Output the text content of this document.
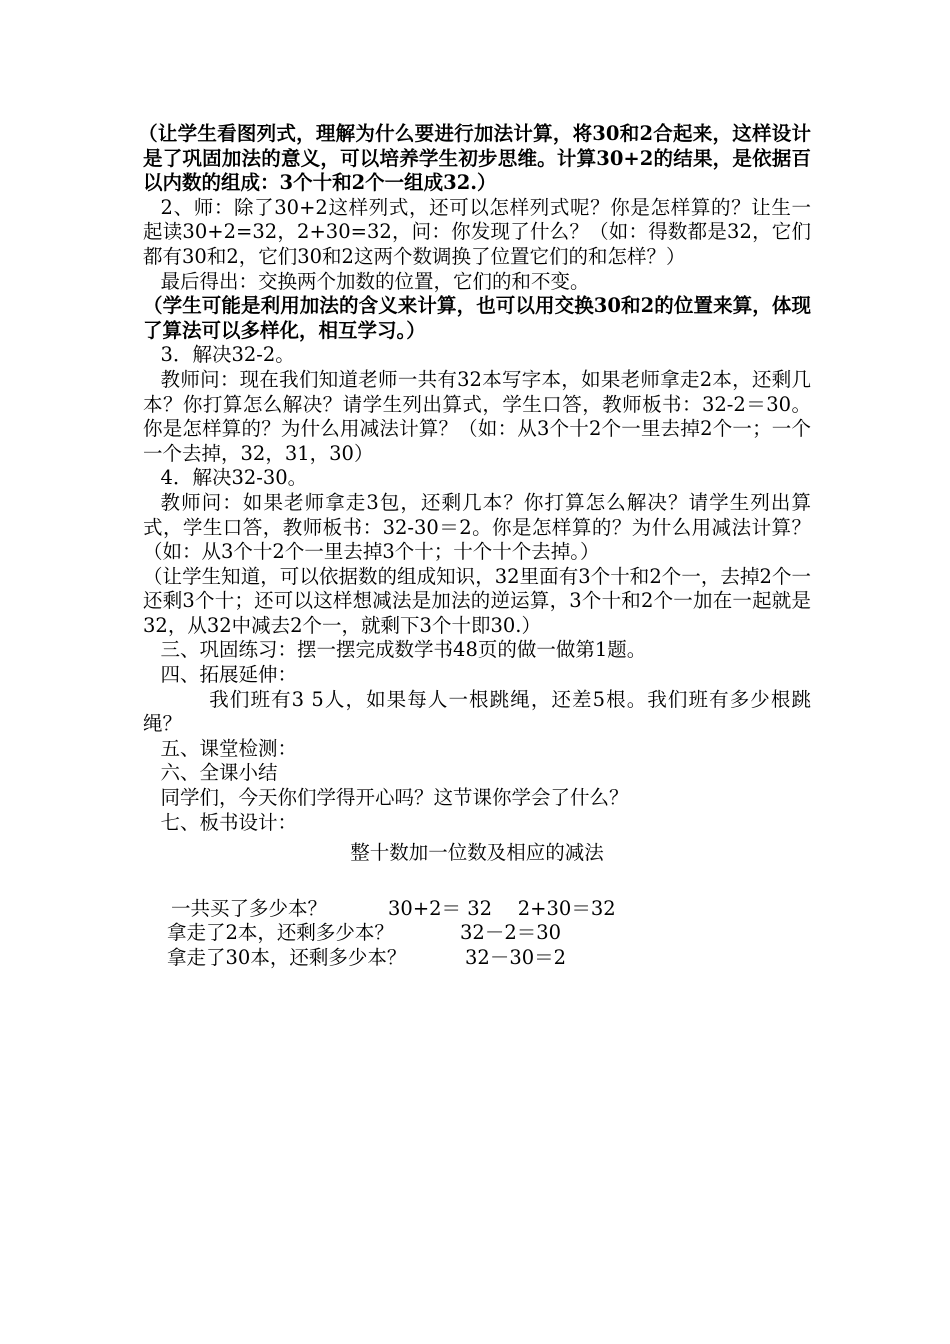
（让学生看图列式，理解为什么要进行加法计算，将30和2合起来，这样设计是了巩固加法的意义，可以培养学生初步思维。计算30+2的结果，是依据百以内数的组成：3个十和2个一组成32.）

2、师：除了30+2这样列式，还可以怎样列式呢？你是怎样算的？让生一起读30+2=32，2+30=32，问：你发现了什么？（如：得数都是32，它们都有30和2，它们30和2这两个数调换了位置它们的和怎样？）

最后得出：交换两个加数的位置，它们的和不变。

（学生可能是利用加法的含义来计算，也可以用交换30和2的位置来算，体现了算法可以多样化，相互学习。）

3．解决32-2。

教师问：现在我们知道老师一共有32本写字本，如果老师拿走2本，还剩几本？你打算怎么解决？请学生列出算式，学生口答，教师板书：32-2＝30。你是怎样算的？为什么用减法计算？（如：从3个十2个一里去掉2个一；一个一个去掉，32，31，30）

4．解决32-30。

教师问：如果老师拿走3包，还剩几本？你打算怎么解决？请学生列出算式，学生口答，教师板书：32-30＝2。你是怎样算的？为什么用减法计算？（如：从3个十2个一里去掉3个十；十个十个去掉。）

（让学生知道，可以依据数的组成知识，32里面有3个十和2个一，去掉2个一还剩3个十；还可以这样想减法是加法的逆运算，3个十和2个一加在一起就是32，从32中减去2个一，就剩下3个十即30.）

三、巩固练习：摆一摆完成数学书48页的做一做第1题。

四、拓展延伸：

我们班有3 5人，如果每人一根跳绳，还差5根。我们班有多少根跳绳？

五、课堂检测：

六、全课小结

同学们，今天你们学得开心吗？这节课你学会了什么？

七、板书设计：

整十数加一位数及相应的减法

一共买了多少本？	30+2＝ 32　 2+30＝32
拿走了2本，还剩多少本？	32－2＝30
拿走了30本，还剩多少本？	32－30＝2
